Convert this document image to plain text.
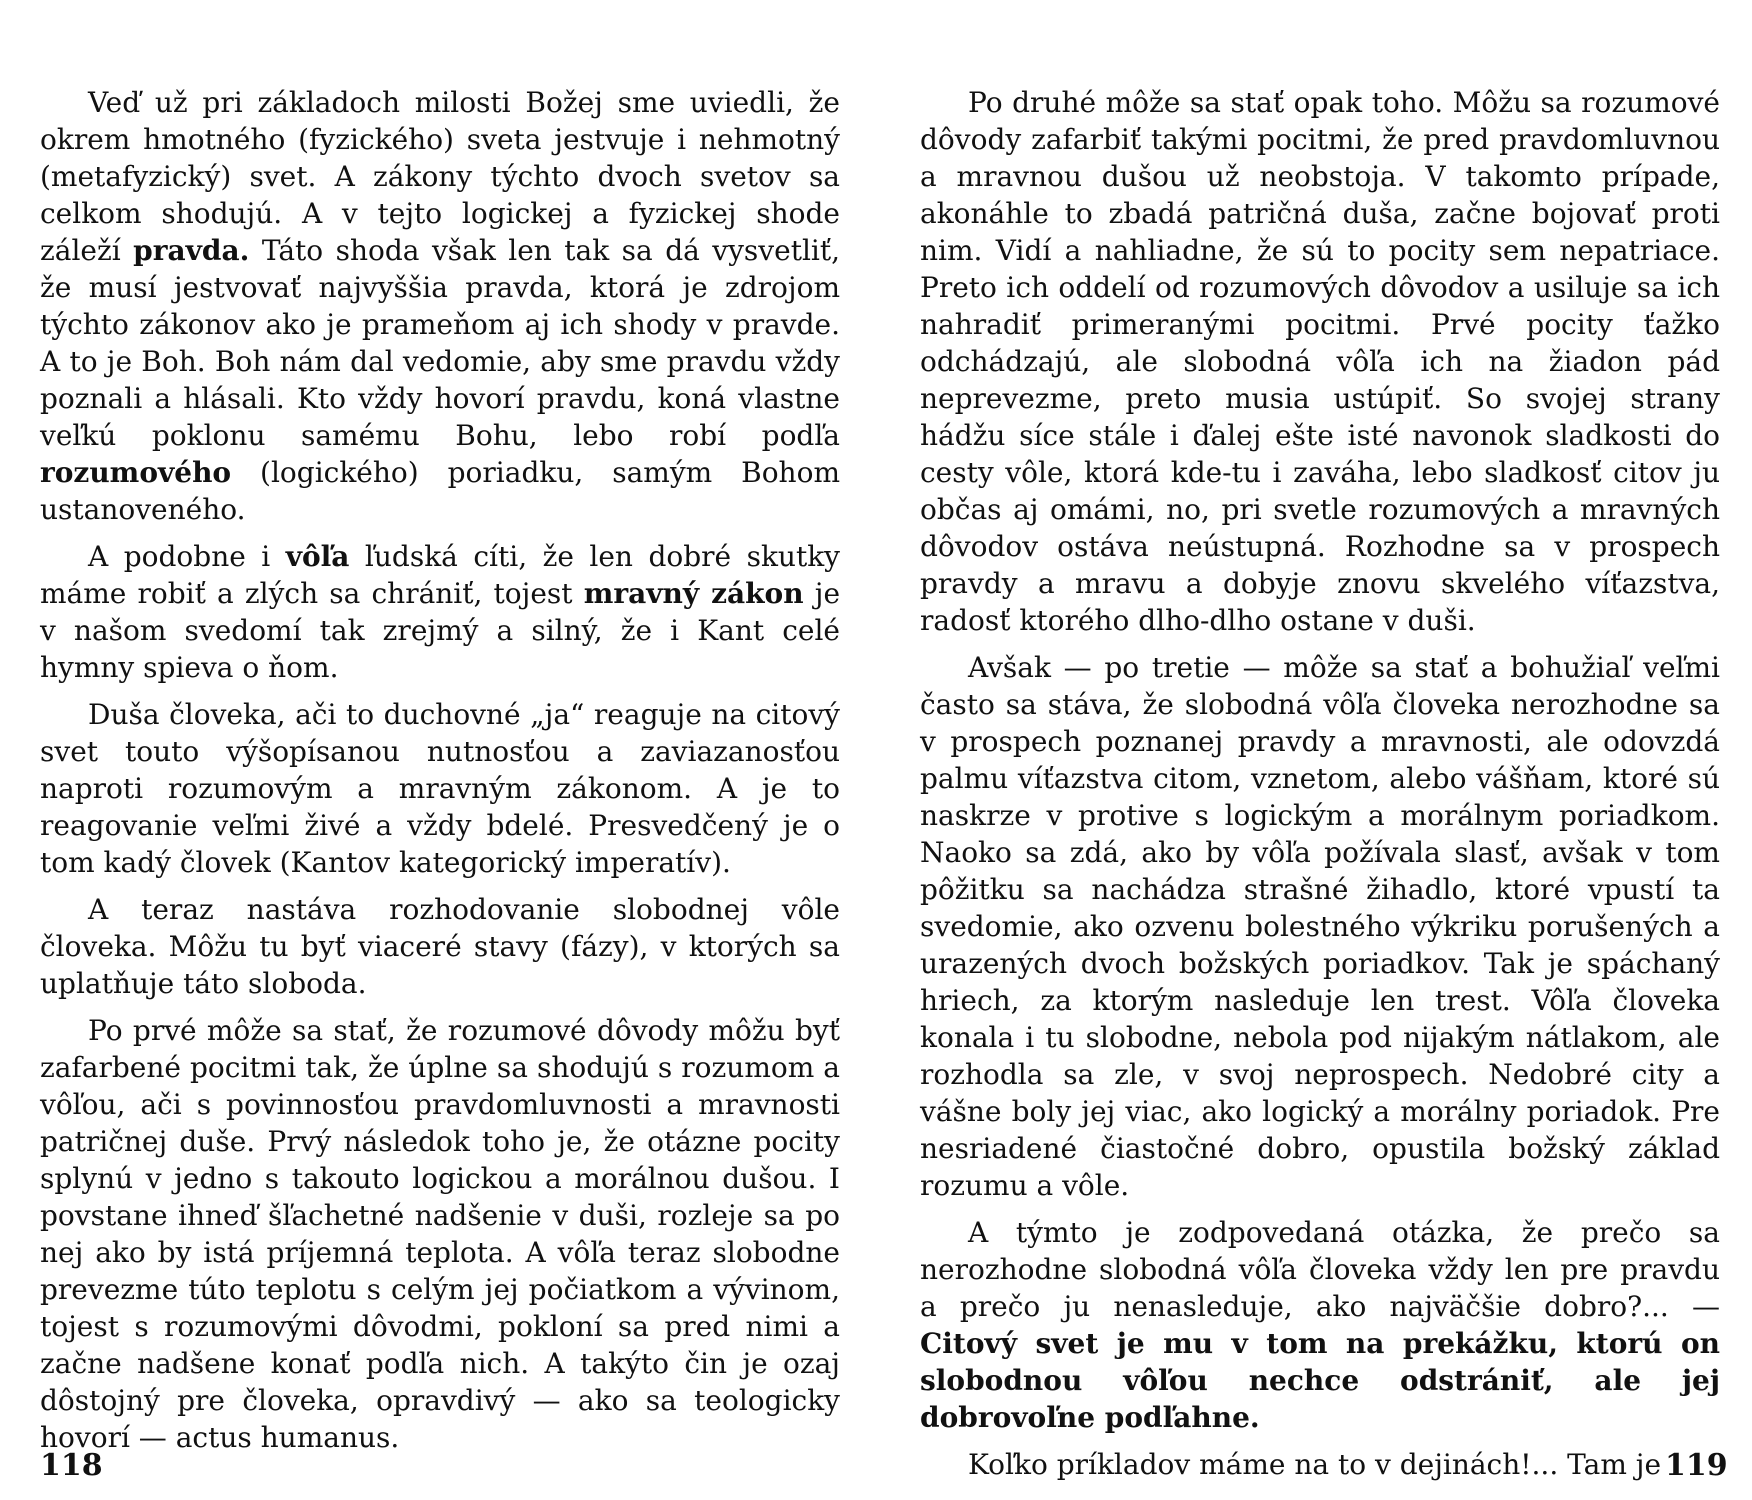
Veď už pri základoch milosti Božej sme uviedli, že okrem hmotného (fyzického) sveta jestvuje i nehmotný (metafyzický) svet. A zákony týchto dvoch svetov sa celkom shodujú. A v tejto logickej a fyzickej shode záleží pravda. Táto shoda však len tak sa dá vysvetliť, že musí jestvovať najvyššia pravda, ktorá je zdrojom týchto zákonov ako je prameňom aj ich shody v pravde. A to je Boh. Boh nám dal vedomie, aby sme pravdu vždy poznali a hlásali. Kto vždy hovorí pravdu, koná vlastne veľkú poklonu samému Bohu, lebo robí podľa rozumového (logického) poriadku, samým Bohom ustanoveného.

A podobne i vôľa ľudská cíti, že len dobré skutky máme robiť a zlých sa chrániť, tojest mravný zákon je v našom svedomí tak zrejmý a silný, že i Kant celé hymny spieva o ňom.

Duša človeka, ači to duchovné „ja“ reaguje na citový svet touto výšopísanou nutnosťou a zaviazanosťou naproti rozumovým a mravným zákonom. A je to reagovanie veľmi živé a vždy bdelé. Presvedčený je o tom kadý človek (Kantov kategorický imperatív).

A teraz nastáva rozhodovanie slobodnej vôle človeka. Môžu tu byť viaceré stavy (fázy), v ktorých sa uplatňuje táto sloboda.

Po prvé môže sa stať, že rozumové dôvody môžu byť zafarbené pocitmi tak, že úplne sa shodujú s rozumom a vôľou, ači s povinnosťou pravdomluvnosti a mravnosti patričnej duše. Prvý následok toho je, že otázne pocity splynú v jedno s takouto logickou a morálnou dušou. I povstane ihneď šľachetné nadšenie v duši, rozleje sa po nej ako by istá príjemná teplota. A vôľa teraz slobodne prevezme túto teplotu s celým jej počiatkom a vývinom, tojest s rozumovými dôvodmi, pokloní sa pred nimi a začne nadšene konať podľa nich. A takýto čin je ozaj dôstojný pre človeka, opravdivý — ako sa teologicky hovorí — actus humanus.

Po druhé môže sa stať opak toho. Môžu sa rozumové dôvody zafarbiť takými pocitmi, že pred pravdomluvnou a mravnou dušou už neobstoja. V takomto prípade, akonáhle to zbadá patričná duša, začne bojovať proti nim. Vidí a nahliadne, že sú to pocity sem nepatriace. Preto ich oddelí od rozumových dôvodov a usiluje sa ich nahradiť primeranými pocitmi. Prvé pocity ťažko odchádzajú, ale slobodná vôľa ich na žiadon pád neprevezme, preto musia ustúpiť. So svojej strany hádžu síce stále i ďalej ešte isté navonok sladkosti do cesty vôle, ktorá kde-tu i zaváha, lebo sladkosť citov ju občas aj omámi, no, pri svetle rozumových a mravných dôvodov ostáva neústupná. Rozhodne sa v prospech pravdy a mravu a dobyje znovu skvelého víťazstva, radosť ktorého dlho-dlho ostane v duši.

Avšak — po tretie — môže sa stať a bohužiaľ veľmi často sa stáva, že slobodná vôľa človeka nerozhodne sa v prospech poznanej pravdy a mravnosti, ale odovzdá palmu víťazstva citom, vznetom, alebo vášňam, ktoré sú naskrze v protive s logickým a morálnym poriadkom. Naoko sa zdá, ako by vôľa požívala slasť, avšak v tom pôžitku sa nachádza strašné žihadlo, ktoré vpustí ta svedomie, ako ozvenu bolestného výkriku porušených a urazených dvoch božských poriadkov. Tak je spáchaný hriech, za ktorým nasleduje len trest. Vôľa človeka konala i tu slobodne, nebola pod nijakým nátlakom, ale rozhodla sa zle, v svoj neprospech. Nedobré city a vášne boly jej viac, ako logický a morálny poriadok. Pre nesriadené čiastočné dobro, opustila božský základ rozumu a vôle.

A týmto je zodpovedaná otázka, že prečo sa nerozhodne slobodná vôľa človeka vždy len pre pravdu a prečo ju nenasleduje, ako najväčšie dobro?... — Citový svet je mu v tom na prekážku, ktorú on slobodnou vôľou nechce odstrániť, ale jej dobrovoľne podľahne.

Koľko príkladov máme na to v dejinách!... Tam je

118	119
